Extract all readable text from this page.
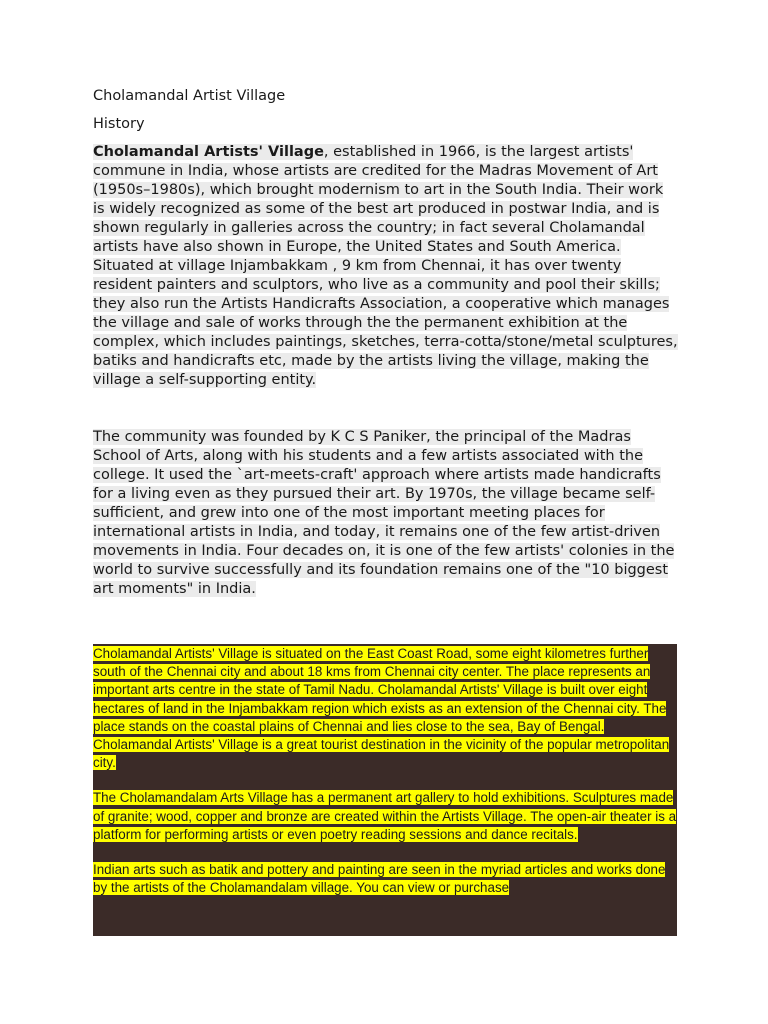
Cholamandal Artist Village
History

Cholamandal Artists' Village, established in 1966, is the largest artists' commune in India, whose artists are credited for the Madras Movement of Art (1950s–1980s), which brought modernism to art in the South India. Their work is widely recognized as some of the best art produced in postwar India, and is shown regularly in galleries across the country; in fact several Cholamandal artists have also shown in Europe, the United States and South America. Situated at village Injambakkam , 9 km from Chennai, it has over twenty resident painters and sculptors, who live as a community and pool their skills; they also run the Artists Handicrafts Association, a cooperative which manages the village and sale of works through the the permanent exhibition at the complex, which includes paintings, sketches, terra-cotta/stone/metal sculptures, batiks and handicrafts etc, made by the artists living the village, making the village a self-supporting entity.

The community was founded by K C S Paniker, the principal of the Madras School of Arts, along with his students and a few artists associated with the college. It used the `art-meets-craft' approach where artists made handicrafts for a living even as they pursued their art. By 1970s, the village became self-sufficient, and grew into one of the most important meeting places for international artists in India, and today, it remains one of the few artist-driven movements in India. Four decades on, it is one of the few artists' colonies in the world to survive successfully and its foundation remains one of the "10 biggest art moments" in India.

Cholamandal Artists' Village is situated on the East Coast Road, some eight kilometres further south of the Chennai city and about 18 kms from Chennai city center. The place represents an important arts centre in the state of Tamil Nadu. Cholamandal Artists' Village is built over eight hectares of land in the Injambakkam region which exists as an extension of the Chennai city. The place stands on the coastal plains of Chennai and lies close to the sea, Bay of Bengal. Cholamandal Artists' Village is a great tourist destination in the vicinity of the popular metropolitan city.

The Cholamandalam Arts Village has a permanent art gallery to hold exhibitions. Sculptures made of granite; wood, copper and bronze are created within the Artists Village. The open-air theater is a platform for performing artists or even poetry reading sessions and dance recitals.

Indian arts such as batik and pottery and painting are seen in the myriad articles and works done by the artists of the Cholamandalam village. You can view or purchase
